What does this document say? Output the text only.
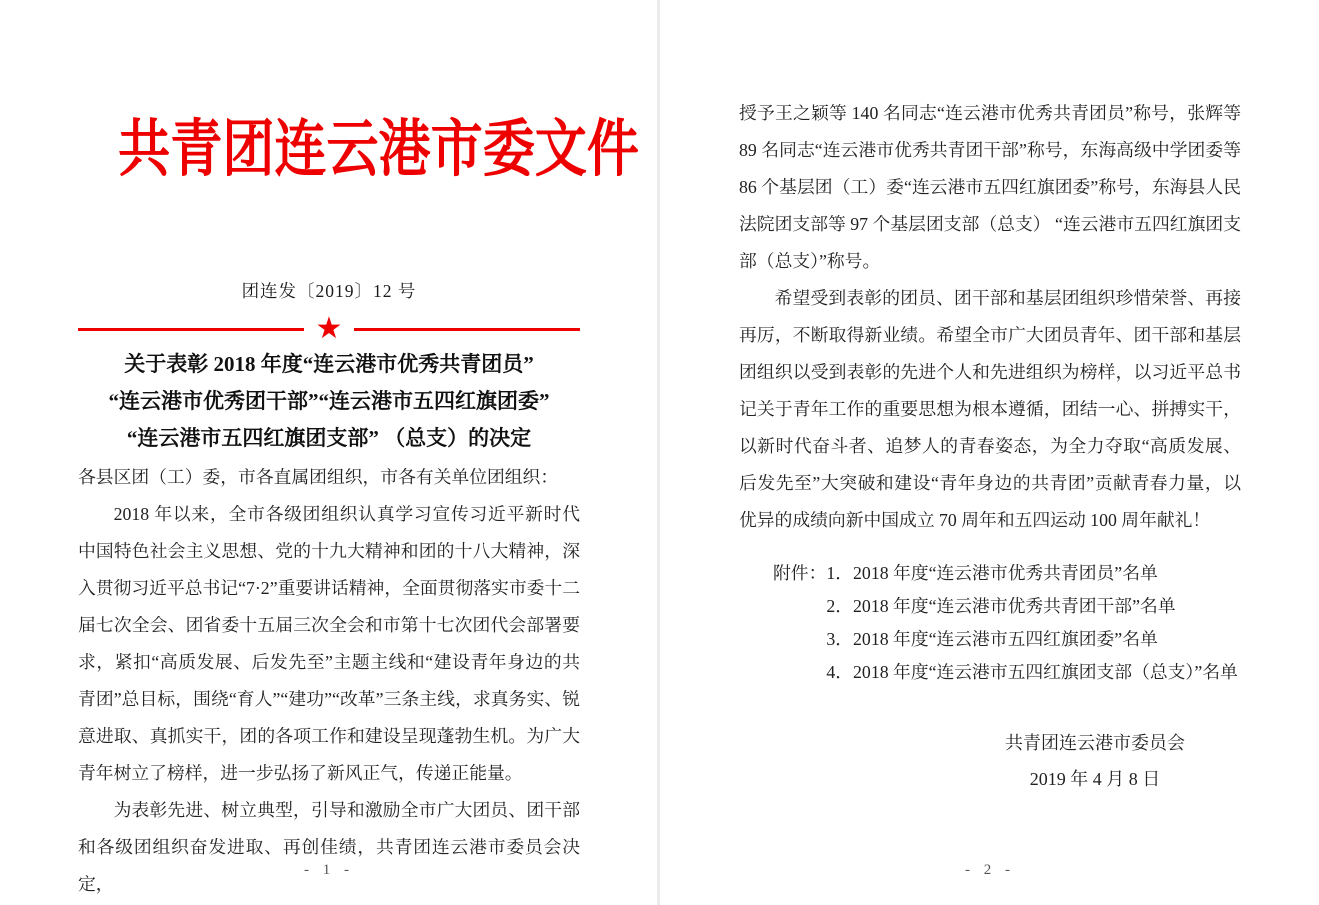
共青团连云港市委文件
团连发〔2019〕12 号
★
关于表彰 2018 年度“连云港市优秀共青团员”
“连云港市优秀团干部”“连云港市五四红旗团委”
“连云港市五四红旗团支部” （总支）的决定

各县区团（工）委，市各直属团组织，市各有关单位团组织：

2018 年以来，全市各级团组织认真学习宣传习近平新时代中国特色社会主义思想、党的十九大精神和团的十八大精神，深入贯彻习近平总书记“7·2”重要讲话精神，全面贯彻落实市委十二届七次全会、团省委十五届三次全会和市第十七次团代会部署要求，紧扣“高质发展、后发先至”主题主线和“建设青年身边的共青团”总目标，围绕“育人”“建功”“改革”三条主线，求真务实、锐意进取、真抓实干，团的各项工作和建设呈现蓬勃生机。为广大青年树立了榜样，进一步弘扬了新风正气，传递正能量。

为表彰先进、树立典型，引导和激励全市广大团员、团干部和各级团组织奋发进取、再创佳绩，共青团连云港市委员会决定，

- 1 -

授予王之颖等 140 名同志“连云港市优秀共青团员”称号，张辉等 89 名同志“连云港市优秀共青团干部”称号，东海高级中学团委等 86 个基层团（工）委“连云港市五四红旗团委”称号，东海县人民法院团支部等 97 个基层团支部（总支） “连云港市五四红旗团支部（总支）”称号。

希望受到表彰的团员、团干部和基层团组织珍惜荣誉、再接再厉，不断取得新业绩。希望全市广大团员青年、团干部和基层团组织以受到表彰的先进个人和先进组织为榜样，以习近平总书记关于青年工作的重要思想为根本遵循，团结一心、拼搏实干，以新时代奋斗者、追梦人的青春姿态，为全力夺取“高质发展、后发先至”大突破和建设“青年身边的共青团”贡献青春力量，以优异的成绩向新中国成立 70 周年和五四运动 100 周年献礼！

附件： 1．2018 年度“连云港市优秀共青团员”名单
2．2018 年度“连云港市优秀共青团干部”名单
3．2018 年度“连云港市五四红旗团委”名单
4．2018 年度“连云港市五四红旗团支部（总支）”名单
共青团连云港市委员会
2019 年 4 月 8 日
- 2 -
